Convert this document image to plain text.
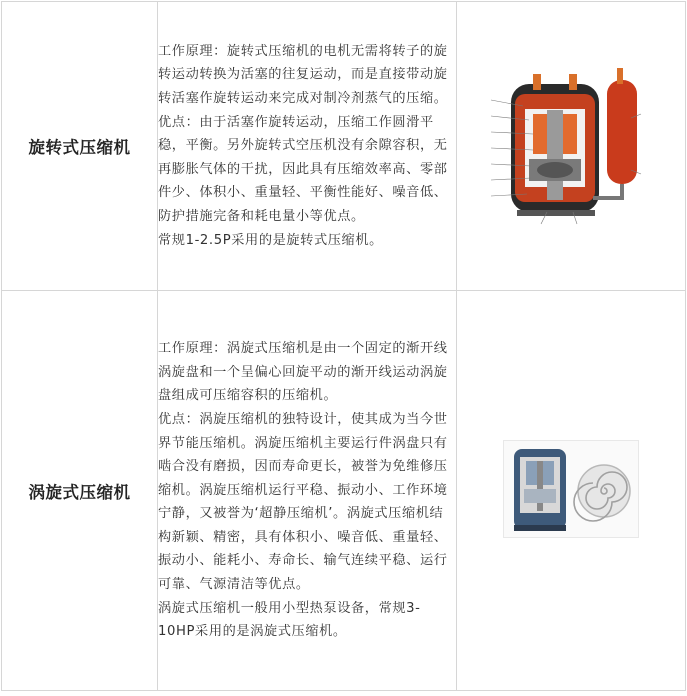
旋转式压缩机	工作原理：旋转式压缩机的电机无需将转子的旋转运动转换为活塞的往复运动，而是直接带动旋转活塞作旋转运动来完成对制冷剂蒸气的压缩。

优点：由于活塞作旋转运动，压缩工作圆滑平稳，平衡。另外旋转式空压机没有余隙容积，无再膨胀气体的干扰，因此具有压缩效率高、零部件少、体积小、重量轻、平衡性能好、噪音低、防护措施完备和耗电量小等优点。

常规1-2.5P采用的是旋转式压缩机。

涡旋式压缩机	工作原理：涡旋式压缩机是由一个固定的渐开线涡旋盘和一个呈偏心回旋平动的渐开线运动涡旋盘组成可压缩容积的压缩机。

优点：涡旋压缩机的独特设计，使其成为当今世界节能压缩机。涡旋压缩机主要运行件涡盘只有啮合没有磨损，因而寿命更长，被誉为免维修压缩机。涡旋压缩机运行平稳、振动小、工作环境宁静，又被誉为‘超静压缩机’。涡旋式压缩机结构新颖、精密，具有体积小、噪音低、重量轻、振动小、能耗小、寿命长、输气连续平稳、运行可靠、气源清洁等优点。

涡旋式压缩机一般用小型热泵设备，常规3-10HP采用的是涡旋式压缩机。
